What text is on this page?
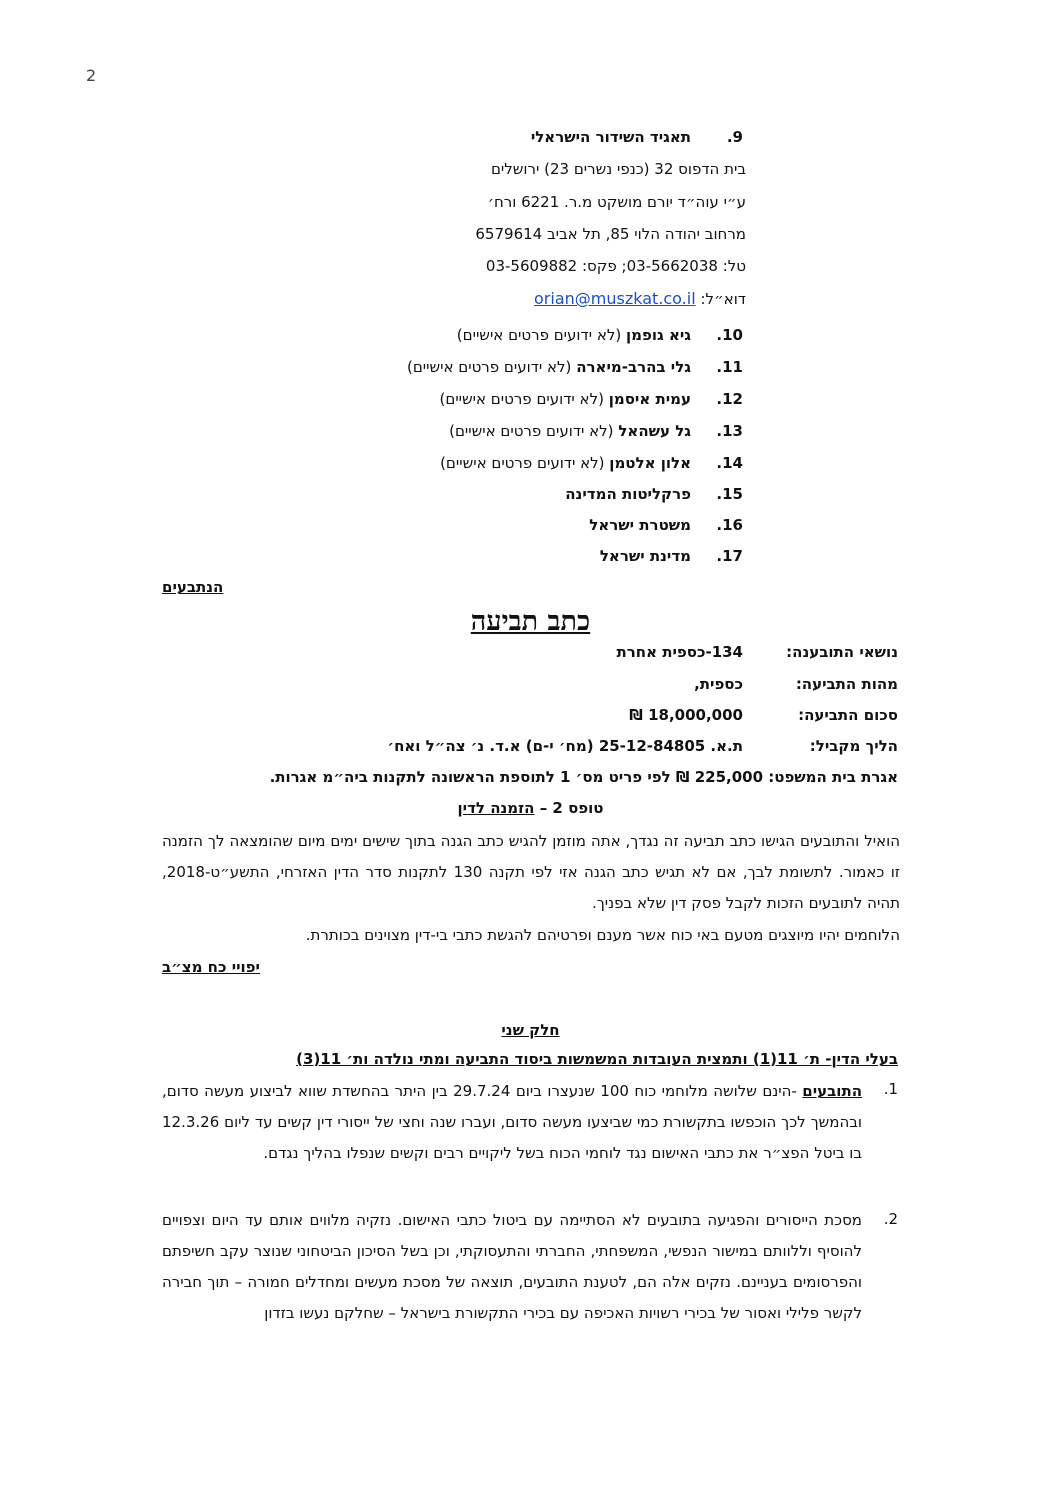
2
.9
תאגיד השידור הישראלי
בית הדפוס 32 (כנפי נשרים 23) ירושלים
ע״י עוה״ד יורם מושקט מ.ר. 6221 ורח׳
מרחוב יהודה הלוי 85, תל אביב 6579614
טל: 03-5662038; פקס: 03-5609882
דוא״ל: orian@muszkat.co.il
.10
גיא גופמן (לא ידועים פרטים אישיים)
.11
גלי בהרב-מיארה (לא ידועים פרטים אישיים)
.12
עמית איסמן (לא ידועים פרטים אישיים)
.13
גל עשהאל (לא ידועים פרטים אישיים)
.14
אלון אלטמן (לא ידועים פרטים אישיים)
.15
פרקליטות המדינה
.16
משטרת ישראל
.17
מדינת ישראל
הנתבעים
כתב תביעה
נושאי התובענה:
134-כספית אחרת
מהות התביעה:
כספית,
סכום התביעה:
18,000,000 ₪
הליך מקביל:
ת.א. 25-12-84805 (מח׳ י-ם) א.ד. נ׳ צה״ל ואח׳
אגרת בית המשפט: 225,000 ₪ לפי פריט מס׳ 1 לתוספת הראשונה לתקנות ביה״מ אגרות.
טופס 2 – הזמנה לדין
הואיל והתובעים הגישו כתב תביעה זה נגדך, אתה מוזמן להגיש כתב הגנה בתוך שישים ימים מיום שהומצאה לך הזמנה זו כאמור. לתשומת לבך, אם לא תגיש כתב הגנה אזי לפי תקנה 130 לתקנות סדר הדין האזרחי, התשע״ט-2018, תהיה לתובעים הזכות לקבל פסק דין שלא בפניך.
הלוחמים יהיו מיוצגים מטעם באי כוח אשר מענם ופרטיהם להגשת כתבי בי-דין מצוינים בכותרת.
יפויי כח מצ״ב
חלק שני
בעלי הדין- ת׳ 11(1) ותמצית העובדות המשמשות ביסוד התביעה ומתי נולדה ות׳ 11(3)
.1
התובעים -הינם שלושה מלוחמי כוח 100 שנעצרו ביום 29.7.24 בין היתר בהחשדת שווא לביצוע מעשה סדום, ובהמשך לכך הוכפשו בתקשורת כמי שביצעו מעשה סדום, ועברו שנה וחצי של ייסורי דין קשים עד ליום 12.3.26 בו ביטל הפצ״ר את כתבי האישום נגד לוחמי הכוח בשל ליקויים רבים וקשים שנפלו בהליך נגדם.
.2
מסכת הייסורים והפגיעה בתובעים לא הסתיימה עם ביטול כתבי האישום. נזקיה מלווים אותם עד היום וצפויים להוסיף וללוותם במישור הנפשי, המשפחתי, החברתי והתעסוקתי, וכן בשל הסיכון הביטחוני שנוצר עקב חשיפתם והפרסומים בעניינם. נזקים אלה הם, לטענת התובעים, תוצאה של מסכת מעשים ומחדלים חמורה – תוך חבירה לקשר פלילי ואסור של בכירי רשויות האכיפה עם בכירי התקשורת בישראל – שחלקם נעשו בזדון
